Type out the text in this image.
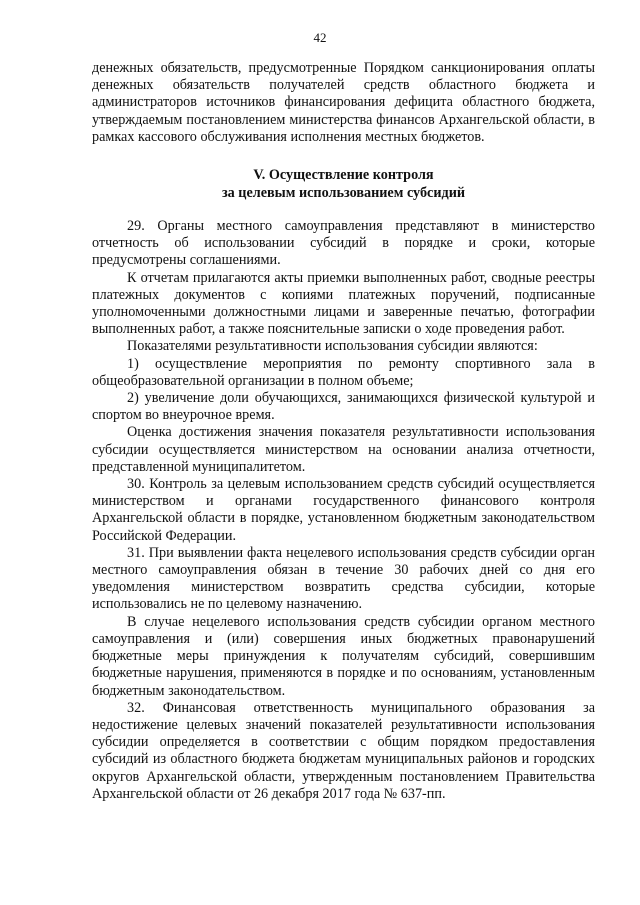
42

денежных обязательств, предусмотренные Порядком санкционирования оплаты денежных обязательств получателей средств областного бюджета и администраторов источников финансирования дефицита областного бюджета, утверждаемым постановлением министерства финансов Архангельской области, в рамках кассового обслуживания исполнения местных бюджетов.

V. Осуществление контроля
за целевым использованием субсидий

29. Органы местного самоуправления представляют в министерство отчетность об использовании субсидий в порядке и сроки, которые предусмотрены соглашениями.

К отчетам прилагаются акты приемки выполненных работ, сводные реестры платежных документов с копиями платежных поручений, подписанные уполномоченными должностными лицами и заверенные печатью, фотографии выполненных работ, а также пояснительные записки о ходе проведения работ.

Показателями результативности использования субсидии являются:

1) осуществление мероприятия по ремонту спортивного зала в общеобразовательной организации в полном объеме;

2) увеличение доли обучающихся, занимающихся физической культурой и спортом во внеурочное время.

Оценка достижения значения показателя результативности использования субсидии осуществляется министерством на основании анализа отчетности, представленной муниципалитетом.

30. Контроль за целевым использованием средств субсидий осуществляется министерством и органами государственного финансового контроля Архангельской области в порядке, установленном бюджетным законодательством Российской Федерации.

31. При выявлении факта нецелевого использования средств субсидии орган местного самоуправления обязан в течение 30 рабочих дней со дня его уведомления министерством возвратить средства субсидии, которые использовались не по целевому назначению.

В случае нецелевого использования средств субсидии органом местного самоуправления и (или) совершения иных бюджетных правонарушений бюджетные меры принуждения к получателям субсидий, совершившим бюджетные нарушения, применяются в порядке и по основаниям, установленным бюджетным законодательством.

32. Финансовая ответственность муниципального образования за недостижение целевых значений показателей результативности использования субсидии определяется в соответствии с общим порядком предоставления субсидий из областного бюджета бюджетам муниципальных районов и городских округов Архангельской области, утвержденным постановлением Правительства Архангельской области от 26 декабря 2017 года № 637-пп.
